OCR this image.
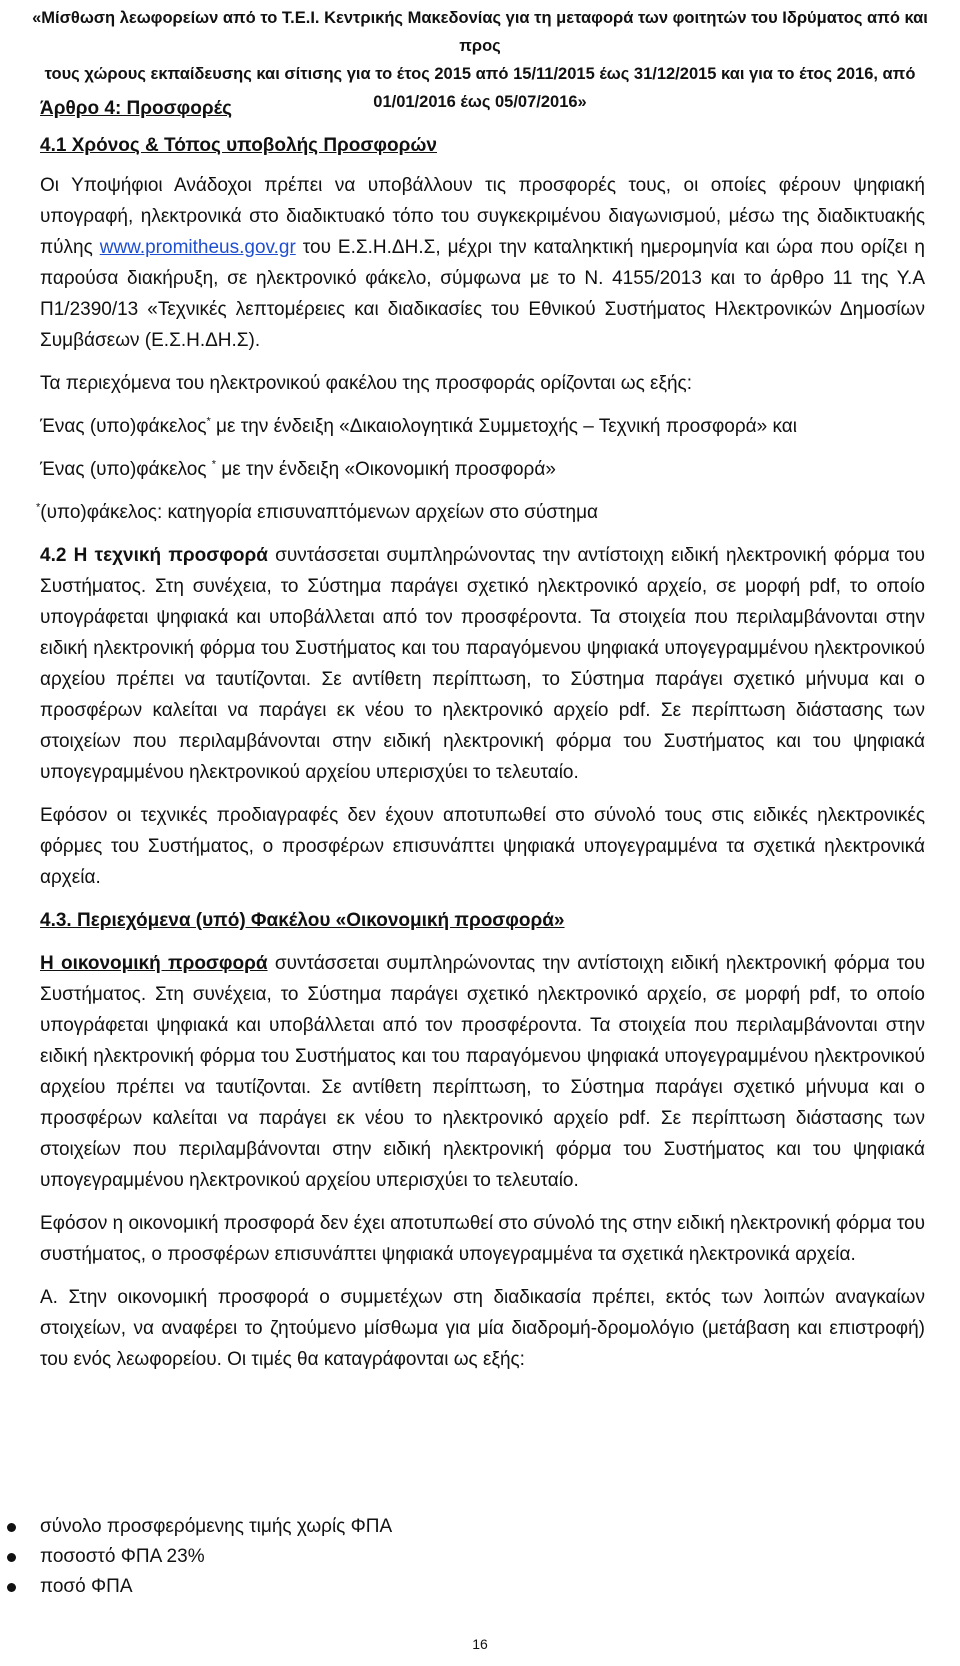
«Μίσθωση λεωφορείων από το Τ.Ε.Ι. Κεντρικής Μακεδονίας για τη μεταφορά των φοιτητών του Ιδρύματος από και προς
τους χώρους εκπαίδευσης και σίτισης για το έτος 2015 από 15/11/2015 έως 31/12/2015 και για το έτος 2016, από
01/01/2016 έως 05/07/2016»

Άρθρο 4: Προσφορές

4.1 Χρόνος & Τόπος υποβολής Προσφορών

Οι Υποψήφιοι Ανάδοχοι πρέπει να υποβάλλουν τις προσφορές τους, οι οποίες φέρουν ψηφιακή υπογραφή, ηλεκτρονικά στο διαδικτυακό τόπο του συγκεκριμένου διαγωνισμού, μέσω της διαδικτυακής πύλης www.promitheus.gov.gr του Ε.Σ.Η.ΔΗ.Σ, μέχρι την καταληκτική ημερομηνία και ώρα που ορίζει η παρούσα διακήρυξη, σε ηλεκτρονικό φάκελο, σύμφωνα με το Ν. 4155/2013 και το άρθρο 11 της Υ.Α Π1/2390/13 «Τεχνικές λεπτομέρειες και διαδικασίες του Εθνικού Συστήματος Ηλεκτρονικών Δημοσίων Συμβάσεων (Ε.Σ.Η.ΔΗ.Σ).

Τα περιεχόμενα του ηλεκτρονικού φακέλου της προσφοράς ορίζονται ως εξής:

Ένας (υπο)φάκελος* με την ένδειξη «Δικαιολογητικά Συμμετοχής – Τεχνική προσφορά» και

Ένας (υπο)φάκελος * με την ένδειξη «Οικονομική προσφορά»

*(υπο)φάκελος: κατηγορία επισυναπτόμενων αρχείων στο σύστημα

4.2 Η τεχνική προσφορά συντάσσεται συμπληρώνοντας την αντίστοιχη ειδική ηλεκτρονική φόρμα του Συστήματος. Στη συνέχεια, το Σύστημα παράγει σχετικό ηλεκτρονικό αρχείο, σε μορφή pdf, το οποίο υπογράφεται ψηφιακά και υποβάλλεται από τον προσφέροντα. Τα στοιχεία που περιλαμβάνονται στην ειδική ηλεκτρονική φόρμα του Συστήματος και του παραγόμενου ψηφιακά υπογεγραμμένου ηλεκτρονικού αρχείου πρέπει να ταυτίζονται. Σε αντίθετη περίπτωση, το Σύστημα παράγει σχετικό μήνυμα και ο προσφέρων καλείται να παράγει εκ νέου το ηλεκτρονικό αρχείο pdf. Σε περίπτωση διάστασης των στοιχείων που περιλαμβάνονται στην ειδική ηλεκτρονική φόρμα του Συστήματος και του ψηφιακά υπογεγραμμένου ηλεκτρονικού αρχείου υπερισχύει το τελευταίο.

Εφόσον οι τεχνικές προδιαγραφές δεν έχουν αποτυπωθεί στο σύνολό τους στις ειδικές ηλεκτρονικές φόρμες του Συστήματος, ο προσφέρων επισυνάπτει ψηφιακά υπογεγραμμένα τα σχετικά ηλεκτρονικά αρχεία.

4.3. Περιεχόμενα (υπό) Φακέλου «Οικονομική προσφορά»

Η οικονομική προσφορά συντάσσεται συμπληρώνοντας την αντίστοιχη ειδική ηλεκτρονική φόρμα του Συστήματος. Στη συνέχεια, το Σύστημα παράγει σχετικό ηλεκτρονικό αρχείο, σε μορφή pdf, το οποίο υπογράφεται ψηφιακά και υποβάλλεται από τον προσφέροντα. Τα στοιχεία που περιλαμβάνονται στην ειδική ηλεκτρονική φόρμα του Συστήματος και του παραγόμενου ψηφιακά υπογεγραμμένου ηλεκτρονικού αρχείου πρέπει να ταυτίζονται. Σε αντίθετη περίπτωση, το Σύστημα παράγει σχετικό μήνυμα και ο προσφέρων καλείται να παράγει εκ νέου το ηλεκτρονικό αρχείο pdf. Σε περίπτωση διάστασης των στοιχείων που περιλαμβάνονται στην ειδική ηλεκτρονική φόρμα του Συστήματος και του ψηφιακά υπογεγραμμένου ηλεκτρονικού αρχείου υπερισχύει το τελευταίο.

Εφόσον η οικονομική προσφορά δεν έχει αποτυπωθεί στο σύνολό της στην ειδική ηλεκτρονική φόρμα του συστήματος, ο προσφέρων επισυνάπτει ψηφιακά υπογεγραμμένα τα σχετικά ηλεκτρονικά αρχεία.

Α. Στην οικονομική προσφορά ο συμμετέχων στη διαδικασία πρέπει, εκτός των λοιπών αναγκαίων στοιχείων, να αναφέρει το ζητούμενο μίσθωμα για μία διαδρομή-δρομολόγιο (μετάβαση και επιστροφή) του ενός λεωφορείου. Οι τιμές θα καταγράφονται ως εξής:

σύνολο προσφερόμενης τιμής χωρίς ΦΠΑ
ποσοστό ΦΠΑ 23%
ποσό ΦΠΑ
16
